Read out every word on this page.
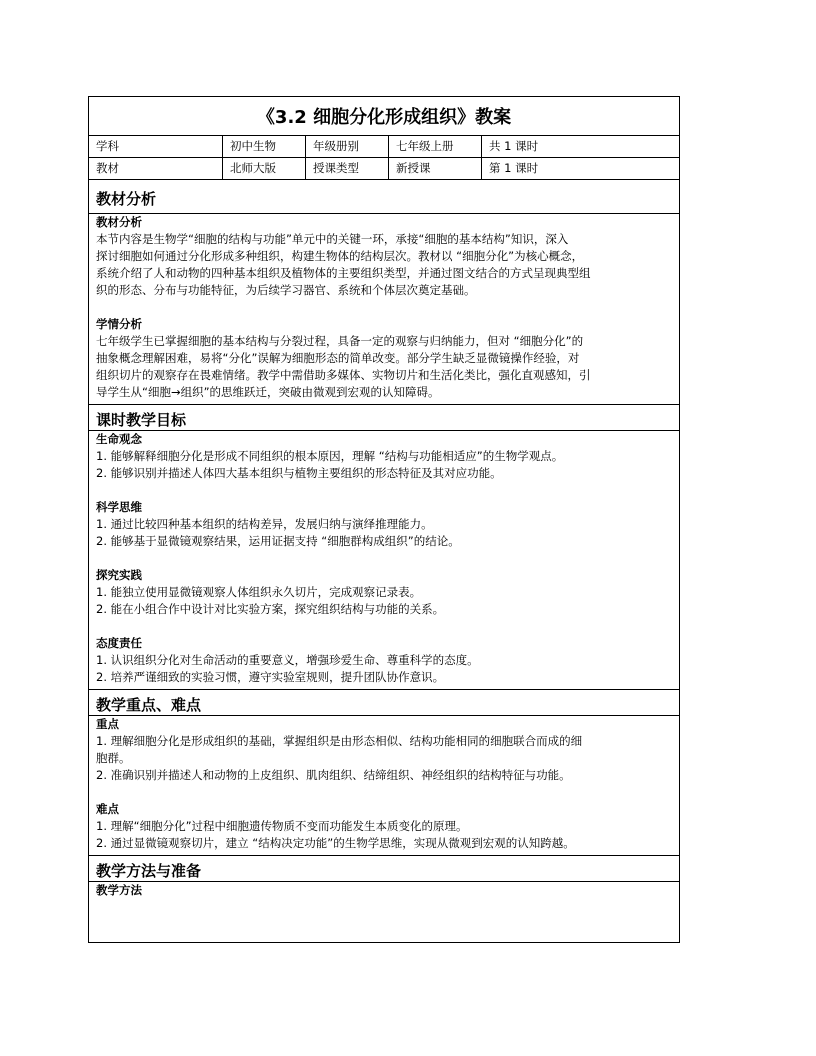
《3.2 细胞分化形成组织》教案
学科	初中生物	年级册别	七年级上册	共 1 课时
教材	北师大版	授课类型	新授课	第 1 课时
教材分析
教材分析
本节内容是生物学“细胞的结构与功能”单元中的关键一环，承接“细胞的基本结构”知识，深入
探讨细胞如何通过分化形成多种组织，构建生物体的结构层次。教材以 “细胞分化”为核心概念，
系统介绍了人和动物的四种基本组织及植物体的主要组织类型，并通过图文结合的方式呈现典型组
织的形态、分布与功能特征，为后续学习器官、系统和个体层次奠定基础。
学情分析
七年级学生已掌握细胞的基本结构与分裂过程，具备一定的观察与归纳能力，但对 “细胞分化”的
抽象概念理解困难，易将“分化”误解为细胞形态的简单改变。部分学生缺乏显微镜操作经验，对
组织切片的观察存在畏难情绪。教学中需借助多媒体、实物切片和生活化类比，强化直观感知，引
导学生从“细胞→组织”的思维跃迁，突破由微观到宏观的认知障碍。
课时教学目标
生命观念
1. 能够解释细胞分化是形成不同组织的根本原因，理解 “结构与功能相适应”的生物学观点。
2. 能够识别并描述人体四大基本组织与植物主要组织的形态特征及其对应功能。
科学思维
1. 通过比较四种基本组织的结构差异，发展归纳与演绎推理能力。
2. 能够基于显微镜观察结果，运用证据支持 “细胞群构成组织”的结论。
探究实践
1. 能独立使用显微镜观察人体组织永久切片，完成观察记录表。
2. 能在小组合作中设计对比实验方案，探究组织结构与功能的关系。
态度责任
1. 认识组织分化对生命活动的重要意义，增强珍爱生命、尊重科学的态度。
2. 培养严谨细致的实验习惯，遵守实验室规则，提升团队协作意识。
教学重点、难点
重点
1. 理解细胞分化是形成组织的基础，掌握组织是由形态相似、结构功能相同的细胞联合而成的细
胞群。
2. 准确识别并描述人和动物的上皮组织、肌肉组织、结缔组织、神经组织的结构特征与功能。
难点
1. 理解“细胞分化”过程中细胞遗传物质不变而功能发生本质变化的原理。
2. 通过显微镜观察切片，建立 “结构决定功能”的生物学思维，实现从微观到宏观的认知跨越。
教学方法与准备
教学方法
